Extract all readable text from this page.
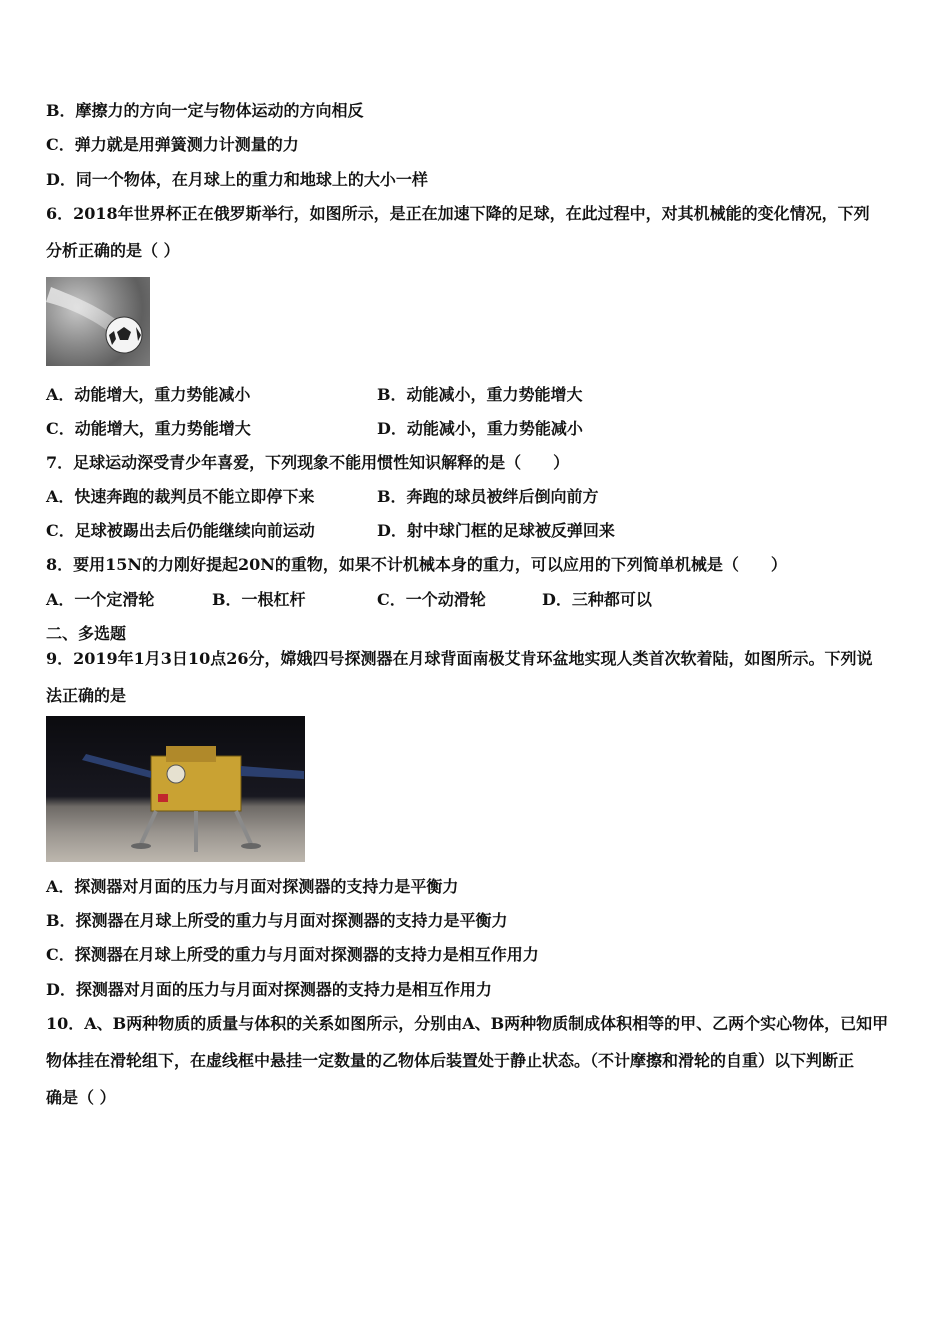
B．摩擦力的方向一定与物体运动的方向相反
C．弹力就是用弹簧测力计测量的力
D．同一个物体，在月球上的重力和地球上的大小一样
6．2018年世界杯正在俄罗斯举行，如图所示，是正在加速下降的足球，在此过程中，对其机械能的变化情况，下列
分析正确的是（ ）
A．动能增大，重力势能减小	B．动能减小，重力势能增大
C．动能增大，重力势能增大	D．动能减小，重力势能减小
7．足球运动深受青少年喜爱，下列现象不能用惯性知识解释的是（　　）
A．快速奔跑的裁判员不能立即停下来	B．奔跑的球员被绊后倒向前方
C．足球被踢出去后仍能继续向前运动	D．射中球门框的足球被反弹回来
8．要用15N的力刚好提起20N的重物，如果不计机械本身的重力，可以应用的下列简单机械是（　　）
A．一个定滑轮	B．一根杠杆	C．一个动滑轮	D．三种都可以
二、多选题
9．2019年1月3日10点26分，嫦娥四号探测器在月球背面南极艾肯环盆地实现人类首次软着陆，如图所示。下列说
法正确的是
A．探测器对月面的压力与月面对探测器的支持力是平衡力
B．探测器在月球上所受的重力与月面对探测器的支持力是平衡力
C．探测器在月球上所受的重力与月面对探测器的支持力是相互作用力
D．探测器对月面的压力与月面对探测器的支持力是相互作用力
10．A、B两种物质的质量与体积的关系如图所示，分别由A、B两种物质制成体积相等的甲、乙两个实心物体，已知甲
物体挂在滑轮组下，在虚线框中悬挂一定数量的乙物体后装置处于静止状态。（不计摩擦和滑轮的自重）以下判断正
确是（ ）
